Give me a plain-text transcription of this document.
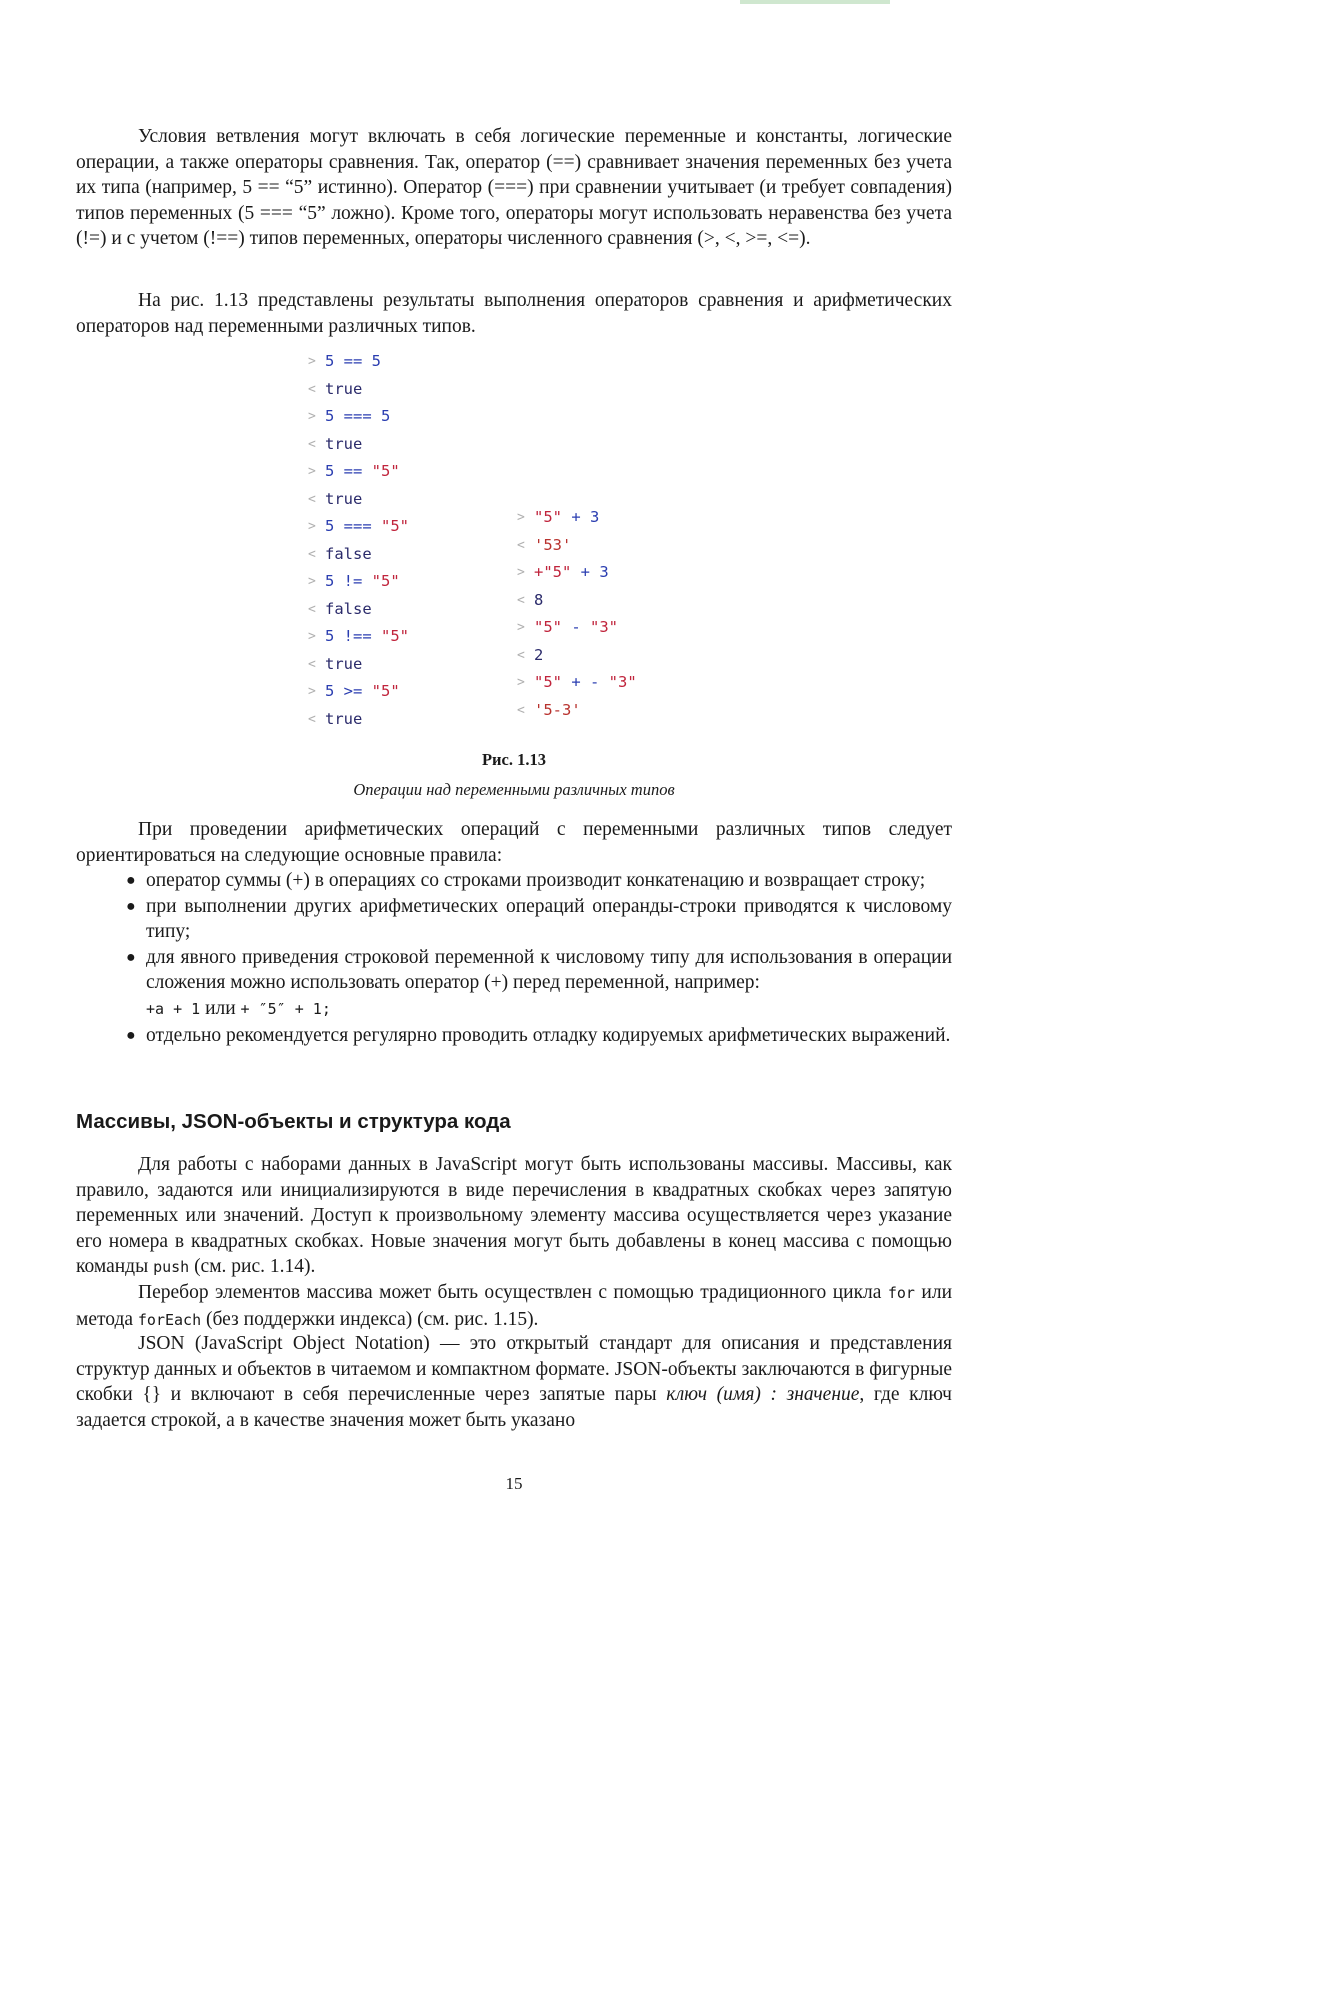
Условия ветвления могут включать в себя логические переменные и константы, логические операции, а также операторы сравнения. Так, оператор (==) сравнивает значения переменных без учета их типа (например, 5 == “5” истинно). Оператор (===) при сравнении учитывает (и требует совпадения) типов переменных (5 === “5” ложно). Кроме того, операторы могут использовать неравенства без учета (!=) и с учетом (!==) типов переменных, операторы численного сравнения (>, <, >=, <=).

На рис. 1.13 представлены результаты выполнения операторов сравнения и арифметических операторов над переменными различных типов.

> 5 == 5
< true
> 5 === 5
< true
> 5 == "5"
< true
> 5 === "5"
< false
> 5 != "5"
< false
> 5 !== "5"
< true
> 5 >= "5"
< true
> "5" + 3
< '53'
> +"5" + 3
< 8
> "5" - "3"
< 2
> "5" + - "3"
< '5-3'
Рис. 1.13
Операции над переменными различных типов

При проведении арифметических операций с переменными различных типов следует ориентироваться на следующие основные правила:

● оператор суммы (+) в операциях со строками производит конкатенацию и возвращает строку;
● при выполнении других арифметических операций операнды-строки приводятся к числовому типу;
● для явного приведения строковой переменной к числовому типу для использования в операции сложения можно использовать оператор (+) перед переменной, например:
+a + 1 или + ″5″ + 1;
● отдельно рекомендуется регулярно проводить отладку кодируемых арифметических выражений.
Массивы, JSON-объекты и структура кода

Для работы с наборами данных в JavaScript могут быть использованы массивы. Массивы, как правило, задаются или инициализируются в виде перечисления в квадратных скобках через запятую переменных или значений. Доступ к произвольному элементу массива осуществляется через указание его номера в квадратных скобках. Новые значения могут быть добавлены в конец массива с помощью команды push (см. рис. 1.14).

Перебор элементов массива может быть осуществлен с помощью традиционного цикла for или метода forEach (без поддержки индекса) (см. рис. 1.15).

JSON (JavaScript Object Notation) — это открытый стандарт для описания и представления структур данных и объектов в читаемом и компактном формате. JSON-объекты заключаются в фигурные скобки {} и включают в себя перечисленные через запятые пары ключ (имя) : значение, где ключ задается строкой, а в качестве значения может быть указано

15
